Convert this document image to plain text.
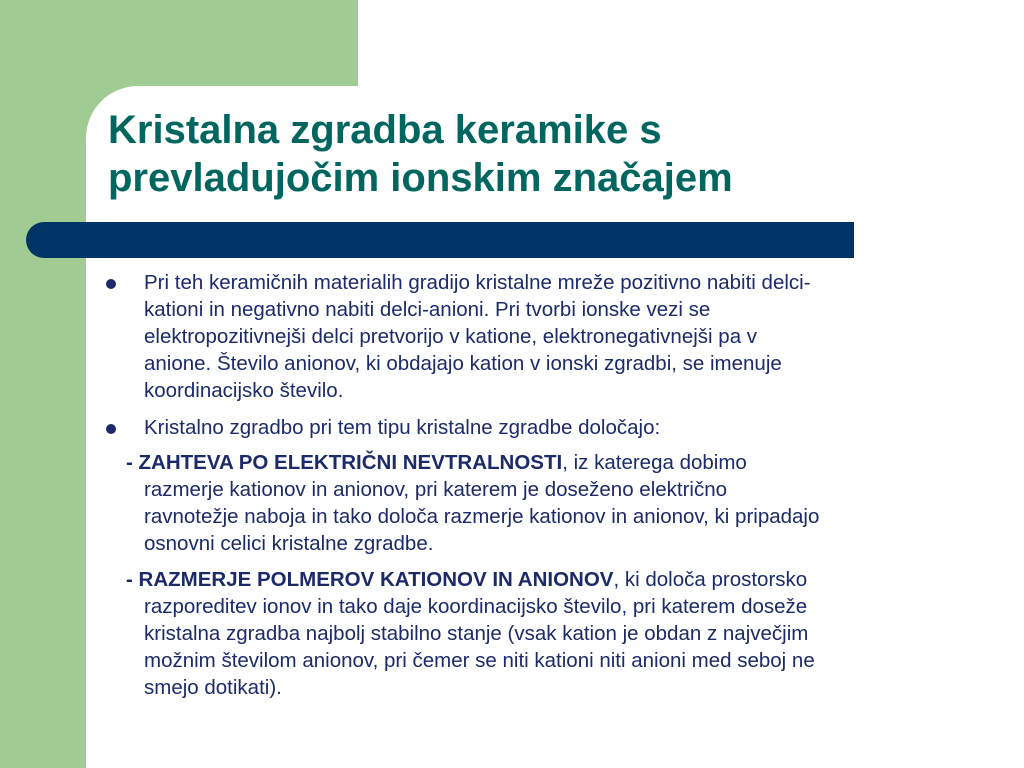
Kristalna zgradba keramike s
prevladujočim ionskim značajem
Pri teh keramičnih materialih gradijo kristalne mreže pozitivno nabiti delci-
kationi in negativno nabiti delci-anioni. Pri tvorbi ionske vezi se
elektropozitivnejši delci pretvorijo v katione, elektronegativnejši pa v
anione. Število anionov, ki obdajajo kation v ionski zgradbi, se imenuje
koordinacijsko število.
Kristalno zgradbo pri tem tipu kristalne zgradbe določajo:
- ZAHTEVA PO ELEKTRIČNI NEVTRALNOSTI, iz katerega dobimo
razmerje kationov in anionov, pri katerem je doseženo električno
ravnotežje naboja in tako določa razmerje kationov in anionov, ki pripadajo
osnovni celici kristalne zgradbe.
- RAZMERJE POLMEROV KATIONOV IN ANIONOV, ki določa prostorsko
razporeditev ionov in tako daje koordinacijsko število, pri katerem doseže
kristalna zgradba najbolj stabilno stanje (vsak kation je obdan z največjim
možnim številom anionov, pri čemer se niti kationi niti anioni med seboj ne
smejo dotikati).
